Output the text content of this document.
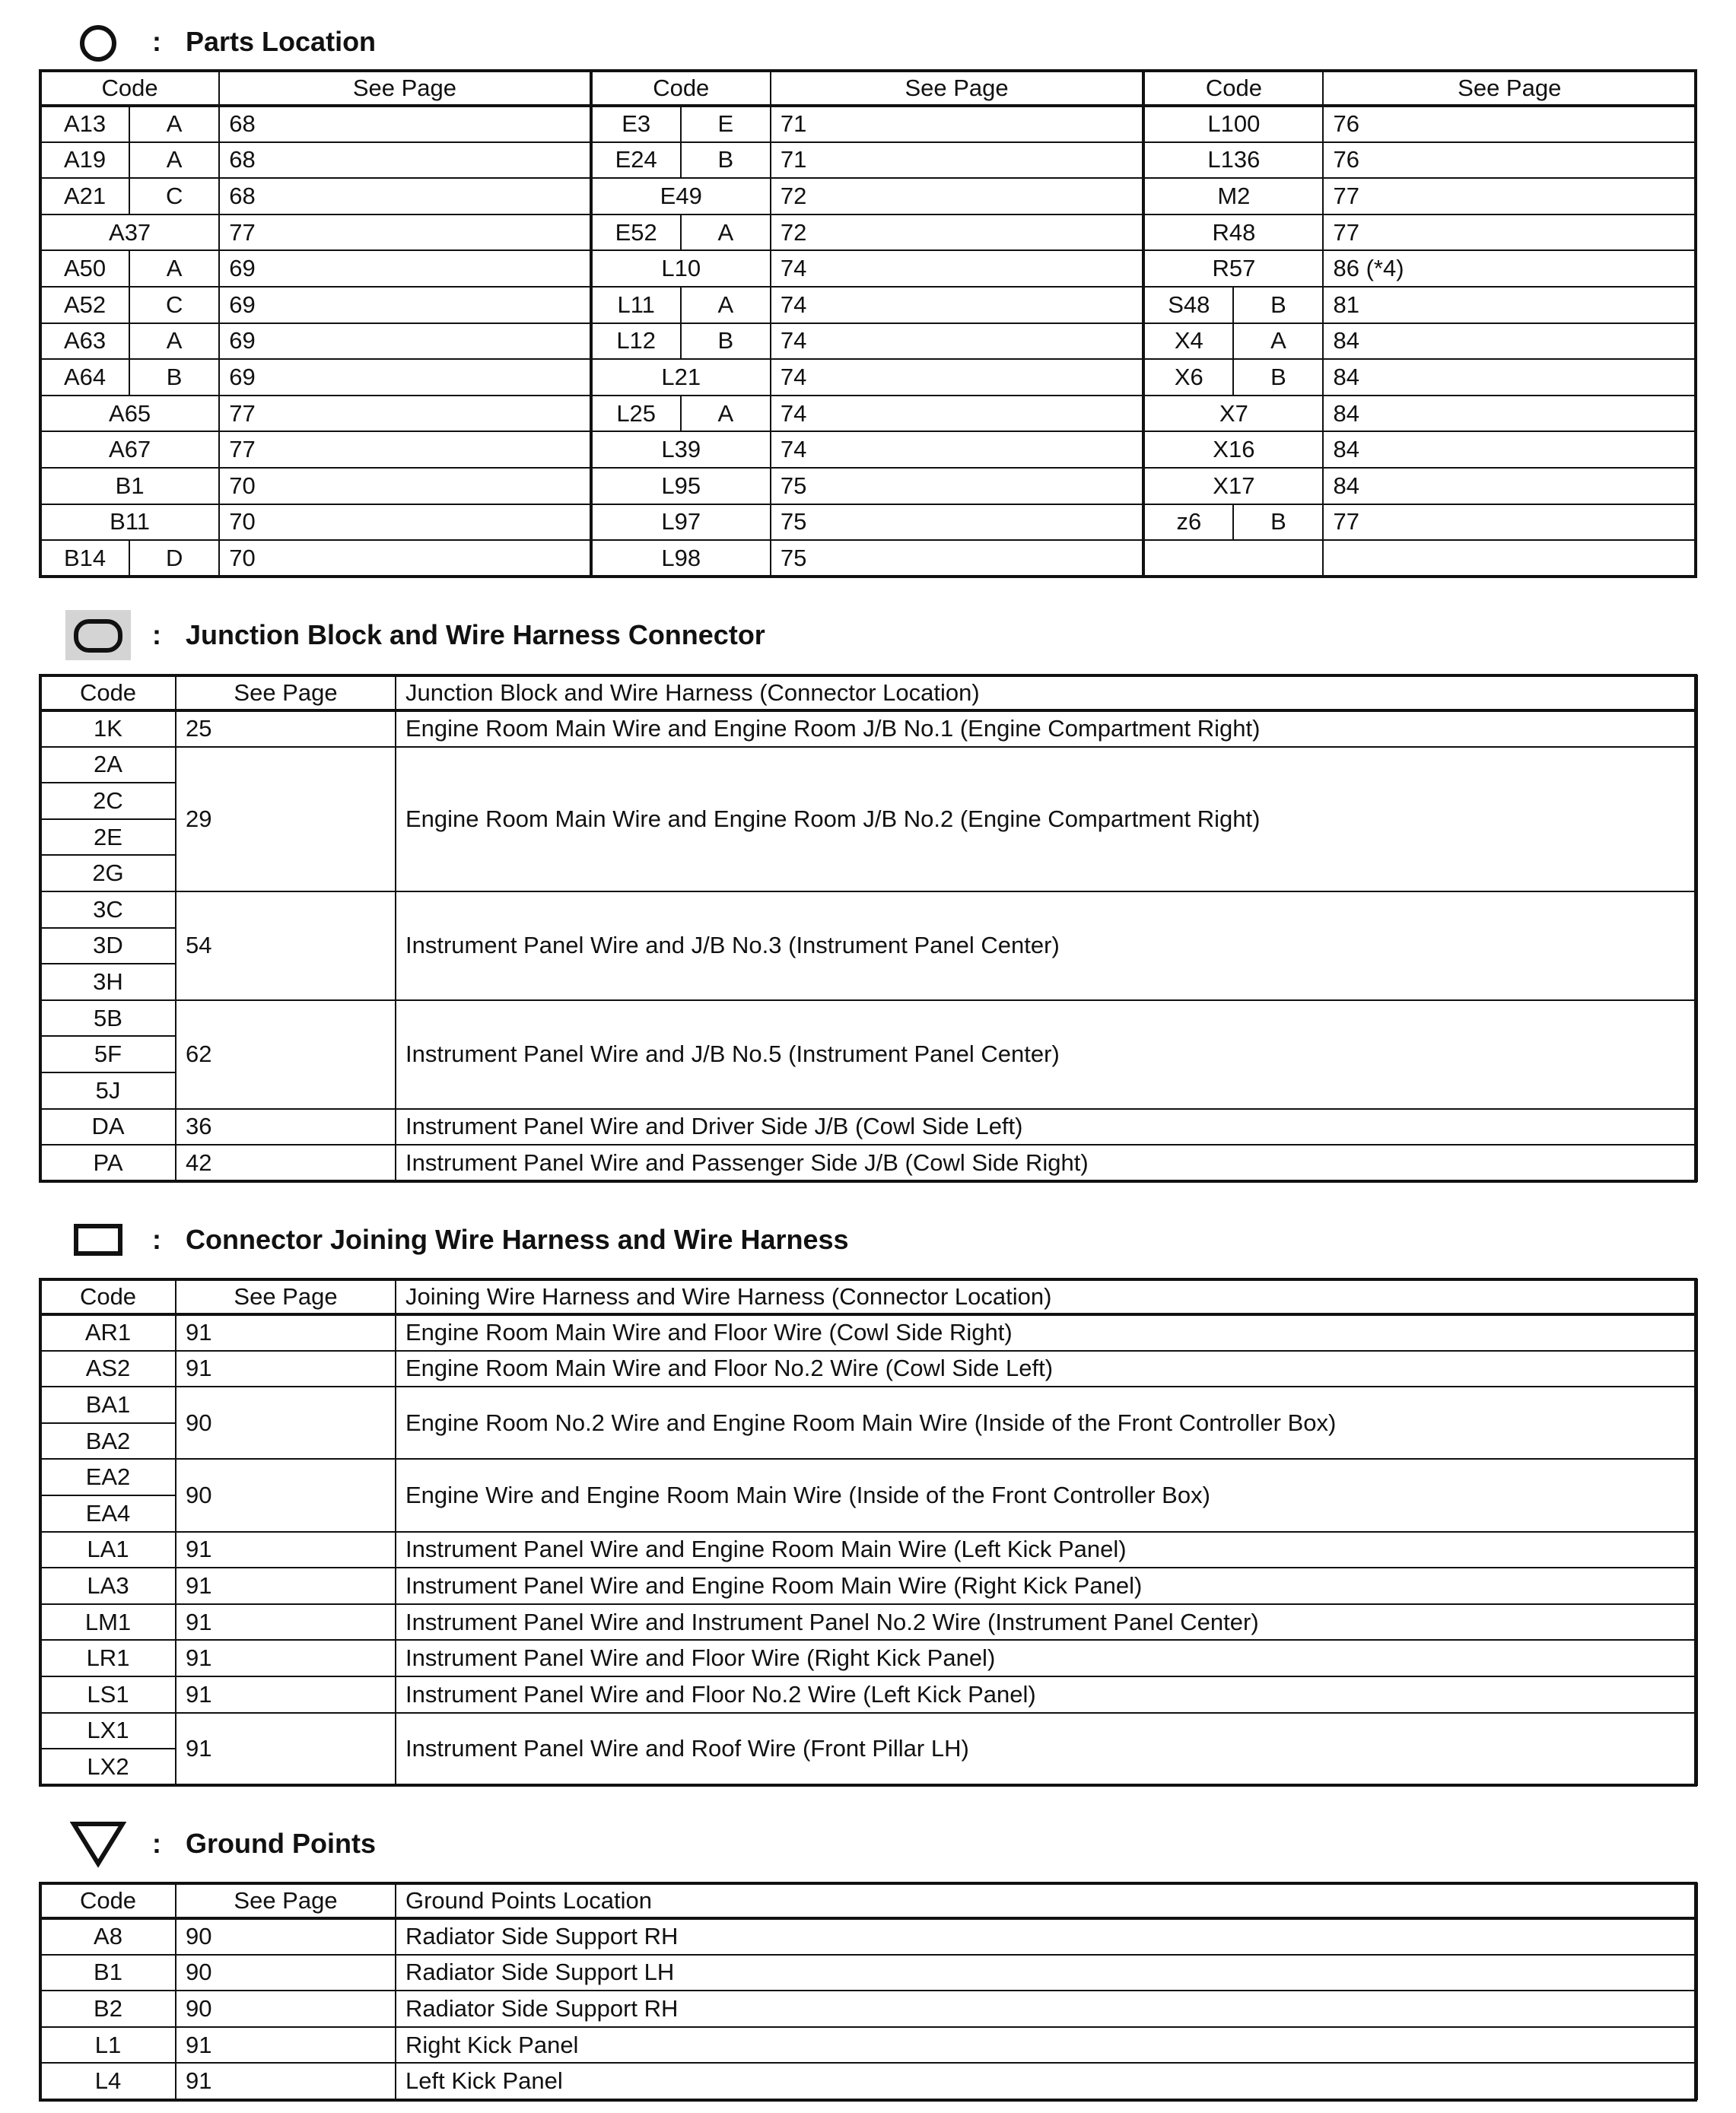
: Parts Location
Code		See Page	Code		See Page	Code		See Page
A13	A	68	E3	E	71	L100		76
A19	A	68	E24	B	71	L136		76
A21	C	68	E49		72	M2		77
A37		77	E52	A	72	R48		77
A50	A	69	L10		74	R57		86 (*4)
A52	C	69	L11	A	74	S48	B	81
A63	A	69	L12	B	74	X4	A	84
A64	B	69	L21		74	X6	B	84
A65		77	L25	A	74	X7		84
A67		77	L39		74	X16		84
B1		70	L95		75	X17		84
B11		70	L97		75	z6	B	77
B14	D	70	L98		75			
: Junction Block and Wire Harness Connector
Code	See Page	Junction Block and Wire Harness (Connector Location)
1K	25	Engine Room Main Wire and Engine Room J/B No.1 (Engine Compartment Right)
2A	29	Engine Room Main Wire and Engine Room J/B No.2 (Engine Compartment Right)
2C		
2E		
2G		
3C	54	Instrument Panel Wire and J/B No.3 (Instrument Panel Center)
3D		
3H		
5B	62	Instrument Panel Wire and J/B No.5 (Instrument Panel Center)
5F		
5J		
DA	36	Instrument Panel Wire and Driver Side J/B (Cowl Side Left)
PA	42	Instrument Panel Wire and Passenger Side J/B (Cowl Side Right)
: Connector Joining Wire Harness and Wire Harness
Code	See Page	Joining Wire Harness and Wire Harness (Connector Location)
AR1	91	Engine Room Main Wire and Floor Wire (Cowl Side Right)
AS2	91	Engine Room Main Wire and Floor No.2 Wire (Cowl Side Left)
BA1	90	Engine Room No.2 Wire and Engine Room Main Wire (Inside of the Front Controller Box)
BA2		
EA2	90	Engine Wire and Engine Room Main Wire (Inside of the Front Controller Box)
EA4		
LA1	91	Instrument Panel Wire and Engine Room Main Wire (Left Kick Panel)
LA3	91	Instrument Panel Wire and Engine Room Main Wire (Right Kick Panel)
LM1	91	Instrument Panel Wire and Instrument Panel No.2 Wire (Instrument Panel Center)
LR1	91	Instrument Panel Wire and Floor Wire (Right Kick Panel)
LS1	91	Instrument Panel Wire and Floor No.2 Wire (Left Kick Panel)
LX1	91	Instrument Panel Wire and Roof Wire (Front Pillar LH)
LX2		
: Ground Points
Code	See Page	Ground Points Location
A8	90	Radiator Side Support RH
B1	90	Radiator Side Support LH
B2	90	Radiator Side Support RH
L1	91	Right Kick Panel
L4	91	Left Kick Panel
